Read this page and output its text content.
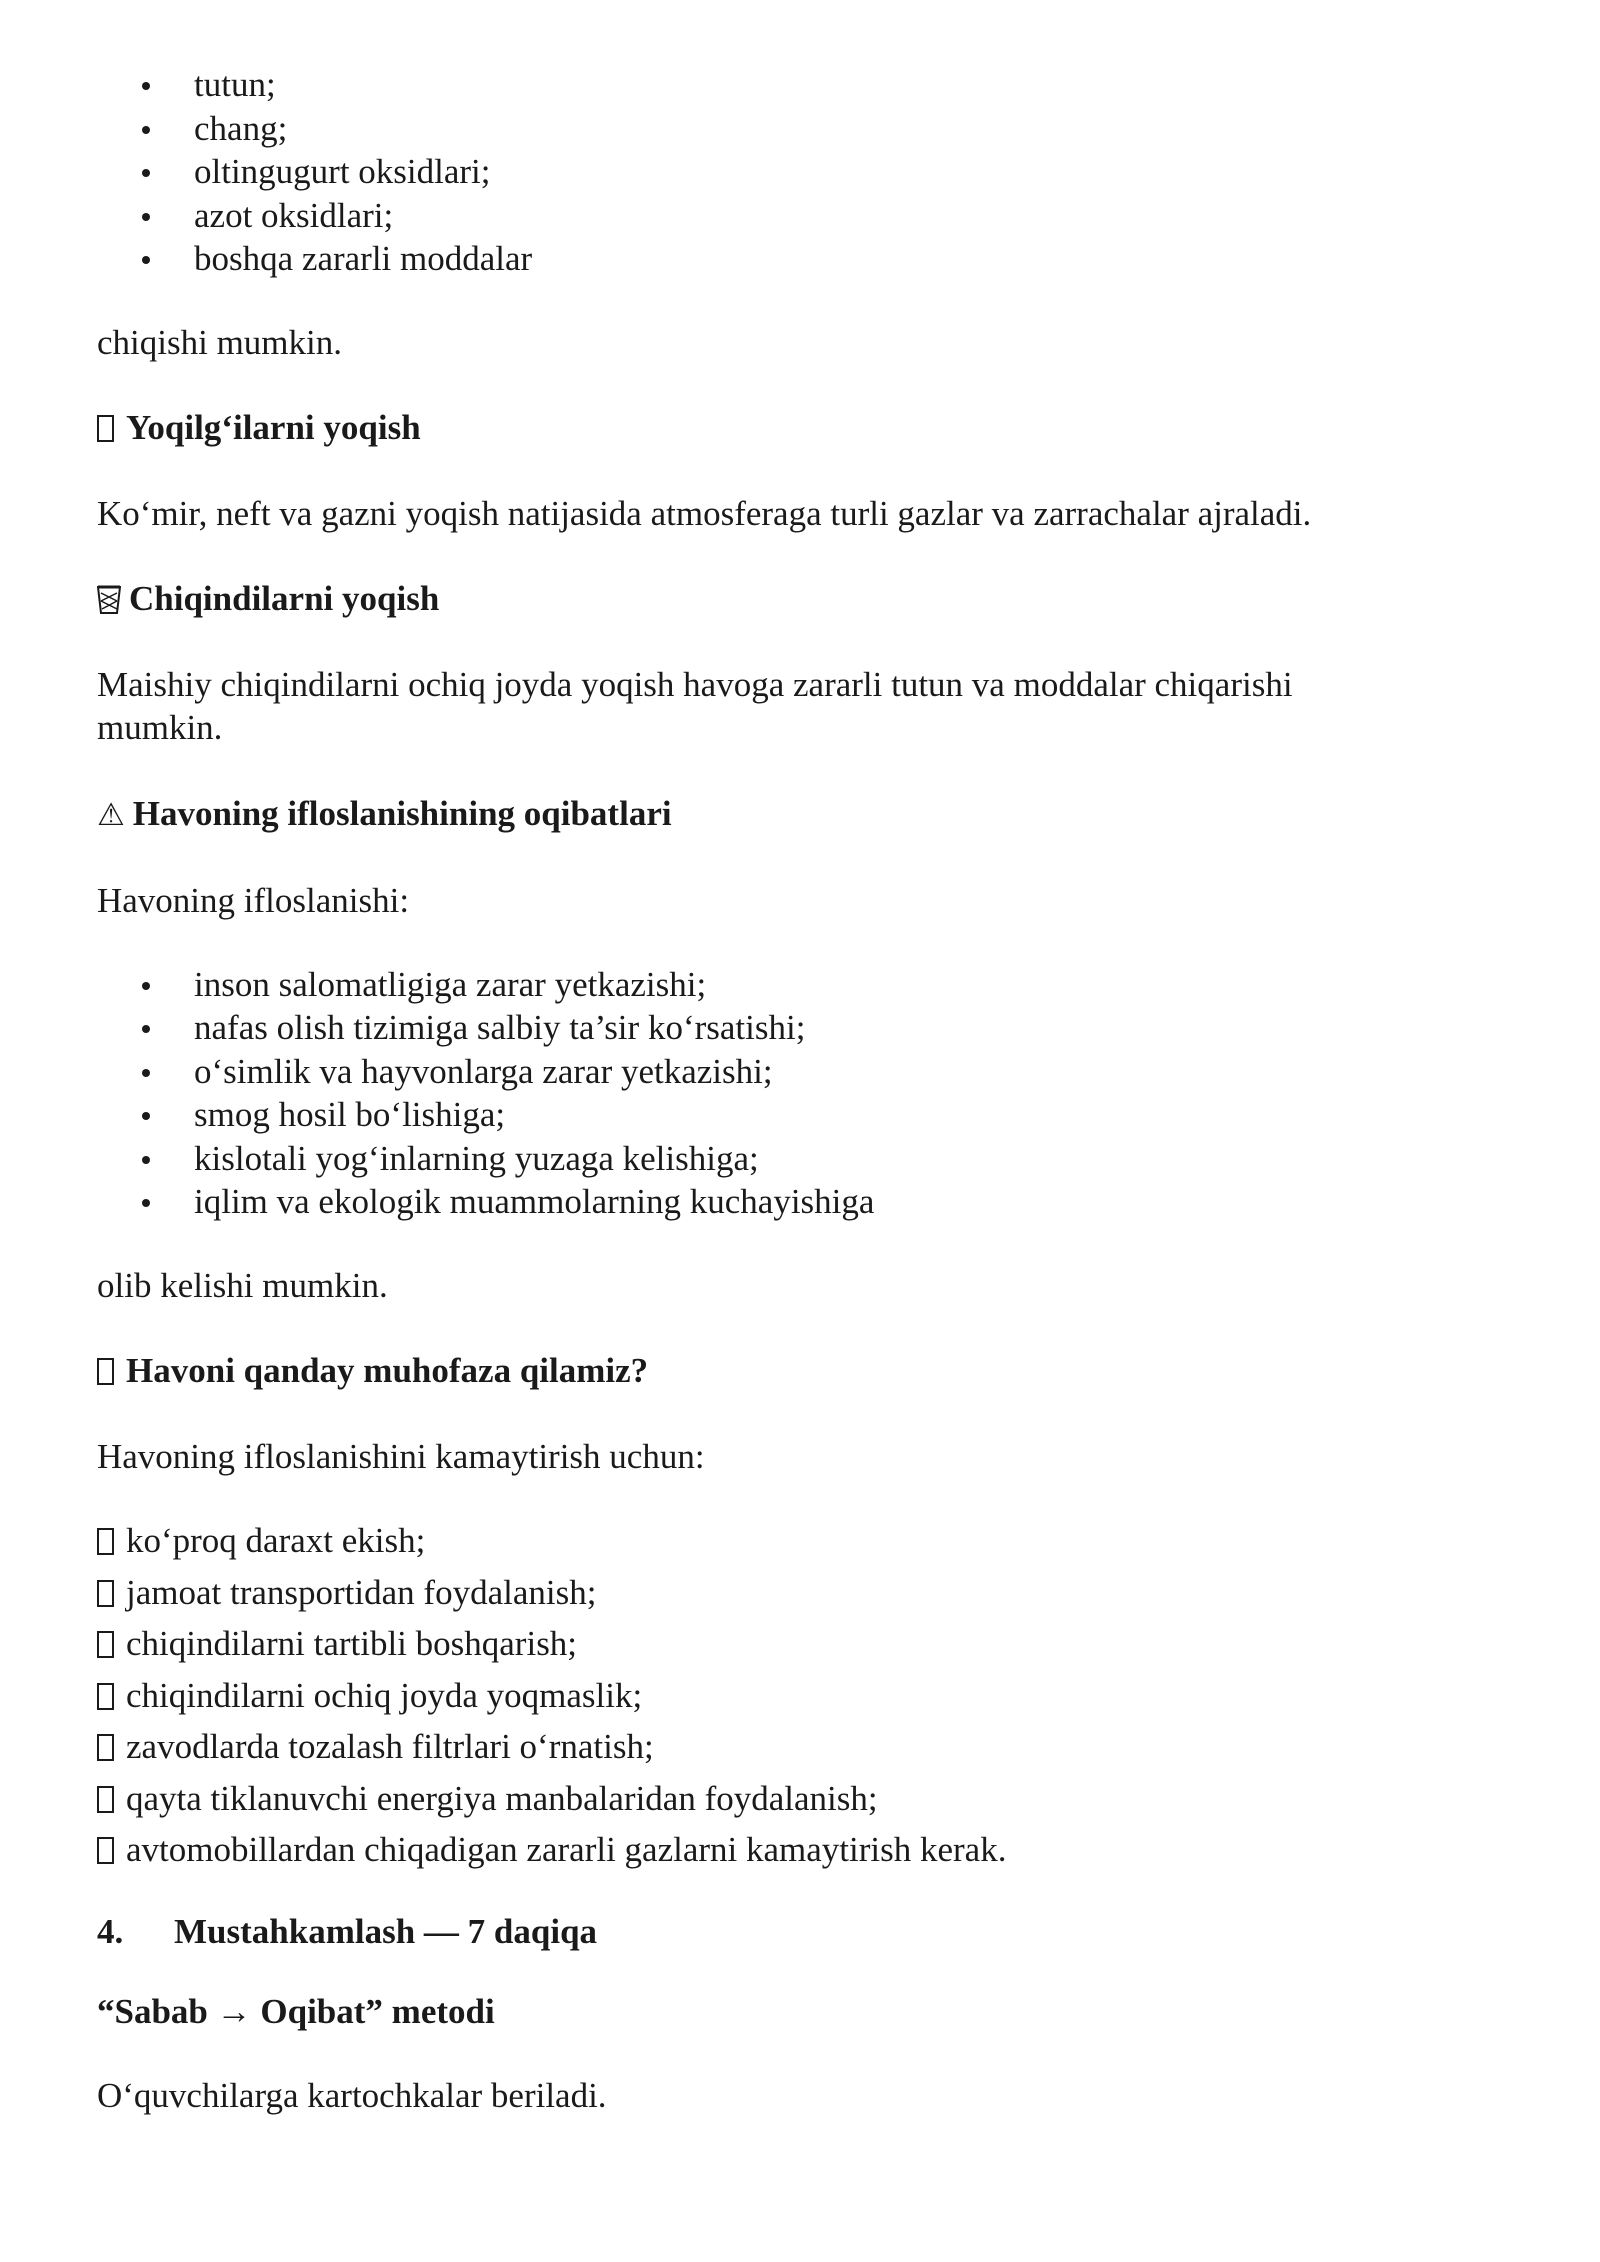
tutun;
chang;
oltingugurt oksidlari;
azot oksidlari;
boshqa zararli moddalar

chiqishi mumkin.

Yoqilg‘ilarni yoqish

Ko‘mir, neft va gazni yoqish natijasida atmosferaga turli gazlar va zarrachalar ajraladi.

Chiqindilarni yoqish

Maishiy chiqindilarni ochiq joyda yoqish havoga zararli tutun va moddalar chiqarishi

mumkin.

⚠ Havoning ifloslanishining oqibatlari

Havoning ifloslanishi:

inson salomatligiga zarar yetkazishi;
nafas olish tizimiga salbiy ta’sir ko‘rsatishi;
o‘simlik va hayvonlarga zarar yetkazishi;
smog hosil bo‘lishiga;
kislotali yog‘inlarning yuzaga kelishiga;
iqlim va ekologik muammolarning kuchayishiga

olib kelishi mumkin.

Havoni qanday muhofaza qilamiz?

Havoning ifloslanishini kamaytirish uchun:

ko‘proq daraxt ekish;
jamoat transportidan foydalanish;
chiqindilarni tartibli boshqarish;
chiqindilarni ochiq joyda yoqmaslik;
zavodlarda tozalash filtrlari o‘rnatish;
qayta tiklanuvchi energiya manbalaridan foydalanish;
avtomobillardan chiqadigan zararli gazlarni kamaytirish kerak.

4. Mustahkamlash — 7 daqiqa

“Sabab → Oqibat” metodi

O‘quvchilarga kartochkalar beriladi.
